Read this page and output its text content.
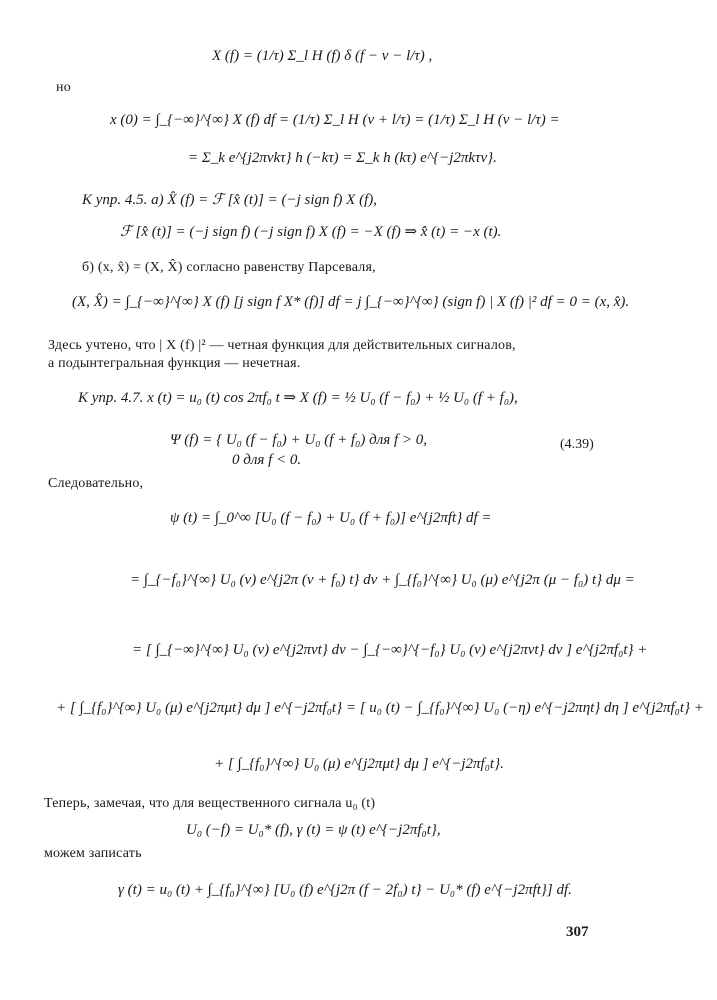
X (f) = (1/τ) Σ_l H (f) δ (f − ν − l/τ) ,
но
x (0) = ∫_{−∞}^{∞} X (f) df = (1/τ) Σ_l H (ν + l/τ) = (1/τ) Σ_l H (ν − l/τ) =
= Σ_k e^{j2πνkτ} h (−kτ) = Σ_k h (kτ) e^{−j2πkτν}.
К упр. 4.5. а) X̂ (f) = ℱ [x̂ (t)] = (−j sign f) X (f),
ℱ [x̂̂ (t)] = (−j sign f) (−j sign f) X (f) = −X (f) ⇒ x̂̂ (t) = −x (t).
б) (x, x̂) = (X, X̂) согласно равенству Парсеваля,
(X, X̂) = ∫_{−∞}^{∞} X (f) [j sign f X* (f)] df = j ∫_{−∞}^{∞} (sign f) | X (f) |² df = 0 = (x, x̂).
Здесь учтено, что | X (f) |² — четная функция для действительных сигналов,
а подынтегральная функция — нечетная.
К упр. 4.7. x (t) = u₀ (t) cos 2πf₀ t ⇒ X (f) = ½ U₀ (f − f₀) + ½ U₀ (f + f₀),
Ψ (f) = { U₀ (f − f₀) + U₀ (f + f₀) для f > 0,
0 для f < 0.
(4.39)
Следовательно,
ψ (t) = ∫_0^∞ [U₀ (f − f₀) + U₀ (f + f₀)] e^{j2πft} df =
= ∫_{−f₀}^{∞} U₀ (ν) e^{j2π (ν + f₀) t} dν + ∫_{f₀}^{∞} U₀ (μ) e^{j2π (μ − f₀) t} dμ =
= [ ∫_{−∞}^{∞} U₀ (ν) e^{j2πνt} dν − ∫_{−∞}^{−f₀} U₀ (ν) e^{j2πνt} dν ] e^{j2πf₀t} +
+ [ ∫_{f₀}^{∞} U₀ (μ) e^{j2πμt} dμ ] e^{−j2πf₀t} = [ u₀ (t) − ∫_{f₀}^{∞} U₀ (−η) e^{−j2πηt} dη ] e^{j2πf₀t} +
+ [ ∫_{f₀}^{∞} U₀ (μ) e^{j2πμt} dμ ] e^{−j2πf₀t}.
Теперь, замечая, что для вещественного сигнала u₀ (t)
U₀ (−f) = U₀* (f), γ (t) = ψ (t) e^{−j2πf₀t},
можем записать
γ (t) = u₀ (t) + ∫_{f₀}^{∞} [U₀ (f) e^{j2π (f − 2f₀) t} − U₀* (f) e^{−j2πft}] df.
307
